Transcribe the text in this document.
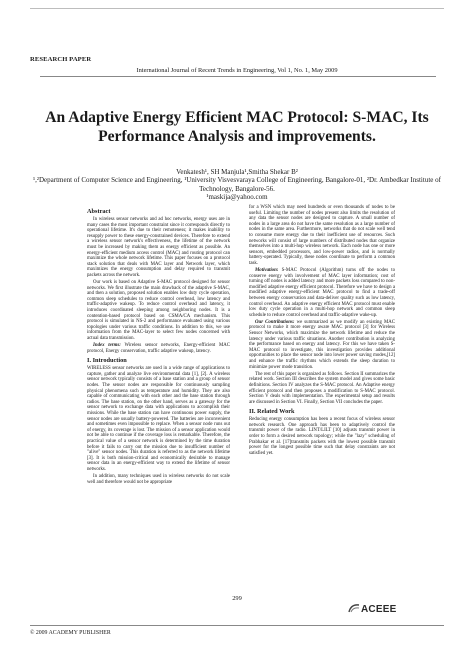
RESEARCH PAPER
International Journal of Recent Trends in Engineering, Vol 1, No. 1, May 2009
An Adaptive Energy Efficient MAC Protocol: S-MAC, Its Performance Analysis and improvements.
Venkatesh¹, SH Manjula¹,Smitha Shekar B²
¹,²Department of Computer Science and Engineering, ¹University Visvesvaraya College of Engineering, Bangalore-01, ²Dr. Ambedkar Institute of Technology, Bangalore-56.
¹maskija@yahoo.com
Abstract
In wireless sensor networks and ad hoc networks, energy uses are in many cases the most important constraint since it corresponds directly to operational lifetime. It's due to their remoteness; it makes inability to resupply power to these energy-constrained devices. Therefore to extend a wireless sensor network's effectiveness, the lifetime of the network must be increased by making them as energy efficient as possible. An energy-efficient medium access control (MAC) and routing protocol can maximize the whole network lifetime. This paper focuses on a protocol stack solution that deals with MAC layer and Network layer, which maximizes the energy consumption and delay required to transmit packets across the network.
Our work is based on Adaptive S-MAC protocol designed for sensor networks. We first illustrate the main drawback of the adaptive S-MAC, and then a solution, proposed solution enables low duty cycle operation, common sleep schedules to reduce control overhead, low latency and traffic-adaptive wakeup. To reduce control overhead and latency, it introduces coordinated sleeping among neighboring nodes. It is a contention-based protocol based on CSMA/CA mechanism. This protocol is simulated in NS-2 and performance evaluated using various topologies under various traffic conditions. In addition to this, we use information from the MAC-layer to select few nodes concerned with actual data transmission.
Index terms: Wireless sensor networks, Energy-efficient MAC protocol, Energy conservation, traffic adaptive wakeup, latency.
I. Introduction
WIRELESS sensor networks are used in a wide range of applications to capture, gather and analyze live environmental data [1], [2]. A wireless sensor network typically consists of a base station and a group of sensor nodes. The sensor nodes are responsible for continuously sampling physical phenomena such as temperature and humidity. They are also capable of communicating with each other and the base station through radios. The base station, on the other hand, serves as a gateway for the sensor network to exchange data with applications to accomplish their missions. While the base station can have continuous power supply, the sensor nodes are usually battery-powered. The batteries are inconvenient and sometimes even impossible to replace. When a sensor node runs out of energy, its coverage is lost. The mission of a sensor application would not be able to continue if the coverage loss is remarkable. Therefore, the practical value of a sensor network is determined by the time duration before it fails to carry out the mission due to insufficient number of "alive" sensor nodes. This duration is referred to as the network lifetime [3]. It is both mission-critical and economically desirable to manage sensor data in an energy-efficient way to extend the lifetime of sensor networks.
In addition, many techniques used in wireless networks do not scale well and therefore would not be appropriate
for a WSN which may need hundreds or even thousands of nodes to be useful. Limiting the number of nodes present also limits the resolution of any data the sensor nodes are designed to capture. A small number of nodes in a large area do not have the same resolution as a large number of nodes in the same area. Furthermore, networks that do not scale well tend to consume more energy due to their inefficient use of resources. Such networks will consist of large numbers of distributed nodes that organize themselves into a multi-hop wireless network. Each node has one or more sensors, embedded processors, and low-power radios, and is normally battery-operated. Typically, these nodes coordinate to perform a common task.
Motivation: S-MAC Protocol (Algorithm) turns off the nodes to conserve energy with involvement of MAC layer information; cost of turning off nodes is added latency and more packets loss compared to non-modified adaptive energy efficient protocol. Therefore we have to design a modified adaptive energy-efficient MAC protocol to find a trade-off between energy conservation and data-deliver quality such as low latency, control overhead. An adaptive energy efficient MAC protocol must enable low duty cycle operation in a multi-hop network and common sleep schedule to reduce control overhead and traffic-adaptive wake-up.
Our Contributions: we summarized as we modify an existing MAC protocol to make it more energy aware MAC protocol [3] for Wireless Sensor Networks, which maximize the network lifetime and reduce the latency under various traffic situations. Another contribution is analyzing the performance based on energy and latency. For this we have taken S-MAC protocol to investigate, this investigation provides additional opportunities to place the sensor node into lower power saving modes,[12] and enhance the traffic rhythms which extends the sleep duration to minimize power mode transition.
The rest of this paper is organized as follows. Section II summarizes the related work. Section III describes the system model and gives some basic definitions. Section IV analyzes the S-MAC protocol. An Adaptive energy efficient protocol and then proposes a modification to S-MAC protocol. Section V deals with implementation. The experimental setup and results are discussed in Section VI. Finally, Section VII concludes the paper.
II. Related Work
Reducing energy consumption has been a recent focus of wireless sensor network research. One approach has been to adaptively control the transmit power of the radio. LINT/LILT [10] adjusts transmit power in order to form a desired network topology; while the "lazy" scheduling of Prabhakar et al. [17]transmits packets with the lowest possible transmit power for the longest possible time such that delay constraints are not satisfied yet.
299
ACEEE
© 2009 ACADEMY PUBLISHER
